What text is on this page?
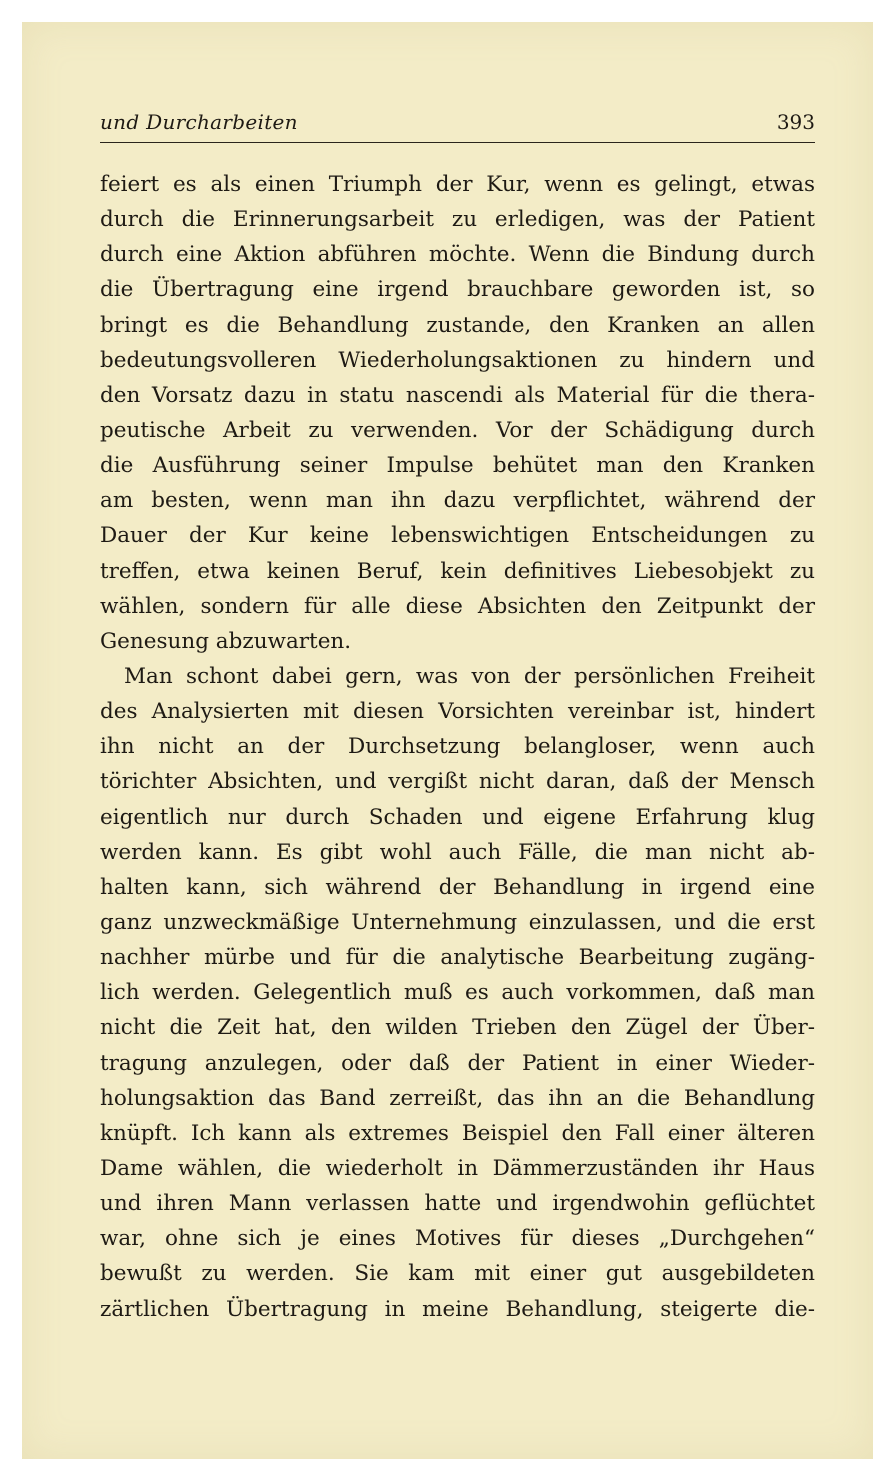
und Durcharbeiten	393
feiert es als einen Triumph der Kur, wenn es gelingt, etwas
durch die Erinnerungsarbeit zu erledigen, was der Patient
durch eine Aktion abführen möchte. Wenn die Bindung durch
die Übertragung eine irgend brauchbare geworden ist, so
bringt es die Behandlung zustande, den Kranken an allen
bedeutungsvolleren Wiederholungsaktionen zu hindern und
den Vorsatz dazu in statu nascendi als Material für die thera-
peutische Arbeit zu verwenden. Vor der Schädigung durch
die Ausführung seiner Impulse behütet man den Kranken
am besten, wenn man ihn dazu verpflichtet, während der
Dauer der Kur keine lebenswichtigen Entscheidungen zu
treffen, etwa keinen Beruf, kein definitives Liebesobjekt zu
wählen, sondern für alle diese Absichten den Zeitpunkt der
Genesung abzuwarten.
Man schont dabei gern, was von der persönlichen Freiheit
des Analysierten mit diesen Vorsichten vereinbar ist, hindert
ihn nicht an der Durchsetzung belangloser, wenn auch
törichter Absichten, und vergißt nicht daran, daß der Mensch
eigentlich nur durch Schaden und eigene Erfahrung klug
werden kann. Es gibt wohl auch Fälle, die man nicht ab-
halten kann, sich während der Behandlung in irgend eine
ganz unzweckmäßige Unternehmung einzulassen, und die erst
nachher mürbe und für die analytische Bearbeitung zugäng-
lich werden. Gelegentlich muß es auch vorkommen, daß man
nicht die Zeit hat, den wilden Trieben den Zügel der Über-
tragung anzulegen, oder daß der Patient in einer Wieder-
holungsaktion das Band zerreißt, das ihn an die Behandlung
knüpft. Ich kann als extremes Beispiel den Fall einer älteren
Dame wählen, die wiederholt in Dämmerzuständen ihr Haus
und ihren Mann verlassen hatte und irgendwohin geflüchtet
war, ohne sich je eines Motives für dieses „Durchgehen“
bewußt zu werden. Sie kam mit einer gut ausgebildeten
zärtlichen Übertragung in meine Behandlung, steigerte die-
